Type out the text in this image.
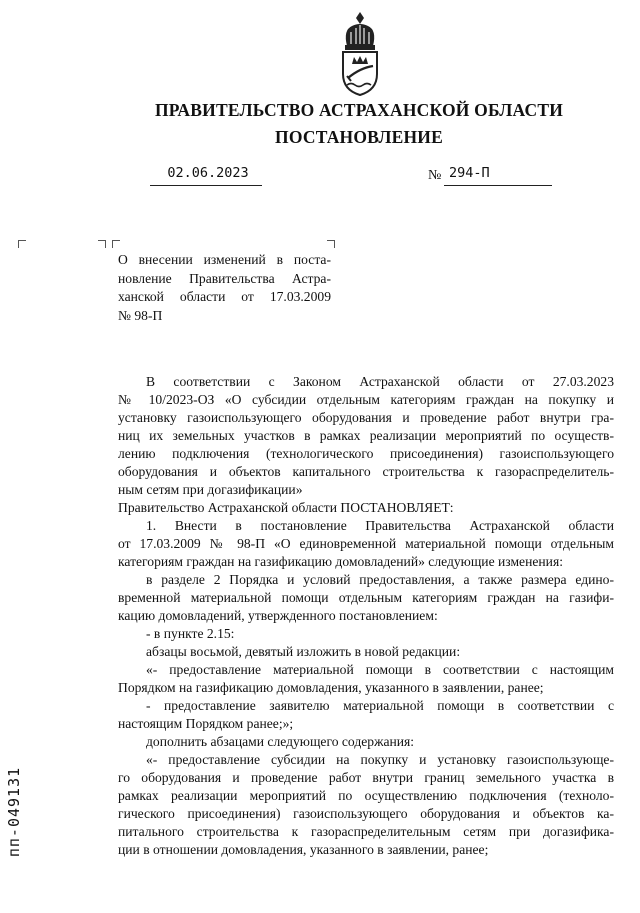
ПРАВИТЕЛЬСТВО АСТРАХАНСКОЙ ОБЛАСТИ
ПОСТАНОВЛЕНИЕ
02.06.2023	№ 294-П
О внесении изменений в поста-
новление Правительства Астра-
ханской области от 17.03.2009
№ 98-П
В соответствии с Законом Астраханской области от 27.03.2023
№ 10/2023-ОЗ «О субсидии отдельным категориям граждан на покупку и
установку газоиспользующего оборудования и проведение работ внутри гра-
ниц их земельных участков в рамках реализации мероприятий по осуществ-
лению подключения (технологического присоединения) газоиспользующего
оборудования и объектов капитального строительства к газораспределитель-
ным сетям при догазификации»
Правительство Астраханской области ПОСТАНОВЛЯЕТ:
1. Внести в постановление Правительства Астраханской области
от 17.03.2009 № 98-П «О единовременной материальной помощи отдельным
категориям граждан на газификацию домовладений» следующие изменения:
в разделе 2 Порядка и условий предоставления, а также размера едино-
временной материальной помощи отдельным категориям граждан на газифи-
кацию домовладений, утвержденного постановлением:
- в пункте 2.15:
абзацы восьмой, девятый изложить в новой редакции:
«- предоставление материальной помощи в соответствии с настоящим
Порядком на газификацию домовладения, указанного в заявлении, ранее;
- предоставление заявителю материальной помощи в соответствии с
настоящим Порядком ранее;»;
дополнить абзацами следующего содержания:
«- предоставление субсидии на покупку и установку газоиспользующе-
го оборудования и проведение работ внутри границ земельного участка в
рамках реализации мероприятий по осуществлению подключения (техноло-
гического присоединения) газоиспользующего оборудования и объектов ка-
питального строительства к газораспределительным сетям при догазифика-
ции в отношении домовладения, указанного в заявлении, ранее;
пп-049131
